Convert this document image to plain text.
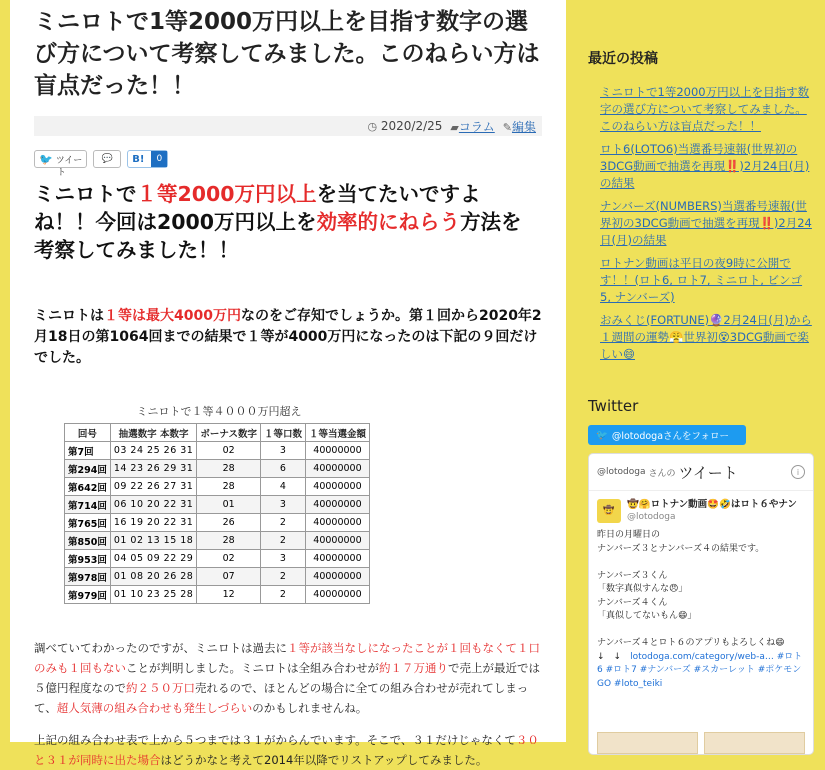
ミニロトで1等2000万円以上を目指す数字の選び方について考察してみました。このねらい方は盲点だった！！
◷ 2020/2/25 ▰コラム ✎編集
🐦 ツイー 💬	B!	0
ト
ミニロトで１等2000万円以上を当てたいですよね！！今回は2000万円以上を効率的にねらう方法を考察してみました！！
ミニロトは１等は最大4000万円なのをご存知でしょうか。第１回から2020年2月18日の第1064回までの結果で１等が4000万円になったのは下記の９回だけでした。
ミニロトで１等４０００万円超え
回号	抽選数字 本数字	ボーナス数字	１等口数	１等当選金額
第7回	03 24 25 26 31	02	3	40000000
第294回	14 23 26 29 31	28	6	40000000
第642回	09 22 26 27 31	28	4	40000000
第714回	06 10 20 22 31	01	3	40000000
第765回	16 19 20 22 31	26	2	40000000
第850回	01 02 13 15 18	28	2	40000000
第953回	04 05 09 22 29	02	3	40000000
第978回	01 08 20 26 28	07	2	40000000
第979回	01 10 23 25 28	12	2	40000000
調べていてわかったのですが、ミニロトは過去に１等が該当なしになったことが１回もなくて１口のみも１回もないことが判明しました。ミニロトは全組み合わせが約１７万通りで売上が最近では５億円程度なので約２５０万口売れるので、ほとんどの場合に全ての組み合わせが売れてしまって、超人気薄の組み合わせも発生しづらいのかもしれませんね。
上記の組み合わせ表で上から５つまでは３１がからんでいます。そこで、３１だけじゃなくて３０と３１が同時に出た場合はどうかなと考えて2014年以降でリストアップしてみました。
最近の投稿
ミニロトで1等2000万円以上を目指す数字の選び方について考察してみました。このねらい方は盲点だった！！
ロト6(LOTO6)当選番号速報(世界初の3DCG動画で抽選を再現‼️)2月24日(月)の結果
ナンバーズ(NUMBERS)当選番号速報(世界初の3DCG動画で抽選を再現‼️)2月24日(月)の結果
ロトナン動画は平日の夜9時に公開です！！(ロト6, ロト7, ミニロト, ビンゴ5, ナンバーズ)
おみくじ(FORTUNE)🔮2月24日(月)から１週間の運勢😤世界初😵3DCG動画で楽しい😄
Twitter
🐦 @lotodogaさんをフォロー
@lotodoga さんの ツイート	i
🤠
🤠🤗ロトナン動画🤩🤣はロト６やナン
@lotodoga
昨日の月曜日の
ナンバーズ３とナンバーズ４の結果です。

ナンバーズ３くん
「数字真似すんな😠」
ナンバーズ４くん
「真似してないもん😄」

ナンバーズ４とロト６のアプリもよろしくね😄
↓　↓　lotodoga.com/category/web-a… #ロト6 #ロト7 #ナンバーズ #スカーレット #ポケモンGO #loto_teiki
